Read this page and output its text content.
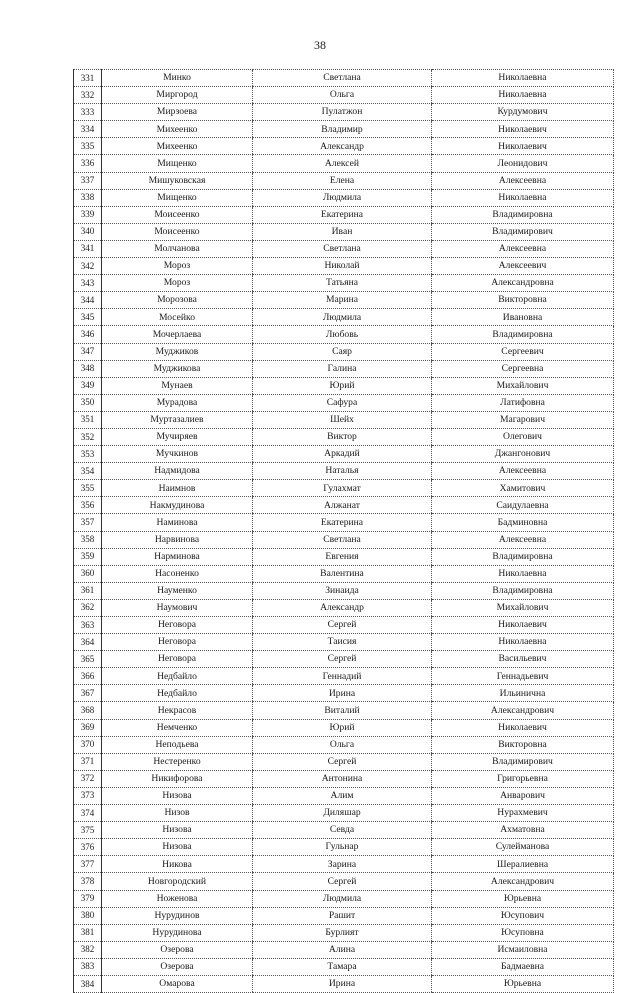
38
331	Минко	Светлана	Николаевна
332	Миргород	Ольга	Николаевна
333	Мирзоева	Пулатжон	Курдумович
334	Михеенко	Владимир	Николаевич
335	Михеенко	Александр	Николаевич
336	Мищенко	Алексей	Леонидович
337	Мишуковская	Елена	Алексеевна
338	Мищенко	Людмила	Николаевна
339	Моисеенко	Екатерина	Владимировна
340	Моисеенко	Иван	Владимирович
341	Молчанова	Светлана	Алексеевна
342	Мороз	Николай	Алексеевич
343	Мороз	Татьяна	Александровна
344	Морозова	Марина	Викторовна
345	Мосейко	Людмила	Ивановна
346	Мочерлаева	Любовь	Владимировна
347	Муджиков	Саяр	Сергеевич
348	Муджикова	Галина	Сергеевна
349	Мунаев	Юрий	Михайлович
350	Мурадова	Сафура	Латифовна
351	Муртазалиев	Шейх	Магарович
352	Мучиряев	Виктор	Олегович
353	Мучкинов	Аркадий	Джангонович
354	Надмидова	Наталья	Алексеевна
355	Наимнов	Гулахмат	Хамитович
356	Накмудинова	Алжанат	Саидулаевна
357	Наминова	Екатерина	Бадминовна
358	Нарвинова	Светлана	Алексеевна
359	Нарминова	Евгения	Владимировна
360	Насоненко	Валентина	Николаевна
361	Науменко	Зинаида	Владимировна
362	Наумович	Александр	Михайлович
363	Неговора	Сергей	Николаевич
364	Неговора	Таисия	Николаевна
365	Неговора	Сергей	Васильевич
366	Недбайло	Геннадий	Геннадьевич
367	Недбайло	Ирина	Ильинична
368	Некрасов	Виталий	Александрович
369	Немченко	Юрий	Николаевич
370	Неподьева	Ольга	Викторовна
371	Нестеренко	Сергей	Владимирович
372	Никифорова	Антонина	Григорьевна
373	Низова	Алим	Анварович
374	Низов	Диляшар	Нурахмевич
375	Низова	Севда	Ахматовна
376	Низова	Гульнар	Сулейманова
377	Никова	Зарина	Шералиевна
378	Новгородский	Сергей	Александрович
379	Ноженова	Людмила	Юрьевна
380	Нурудинов	Рашит	Юсупович
381	Нурудинова	Бурлият	Юсуповна
382	Озерова	Алина	Исмаиловна
383	Озерова	Тамара	Бадмаевна
384	Омарова	Ирина	Юрьевна
